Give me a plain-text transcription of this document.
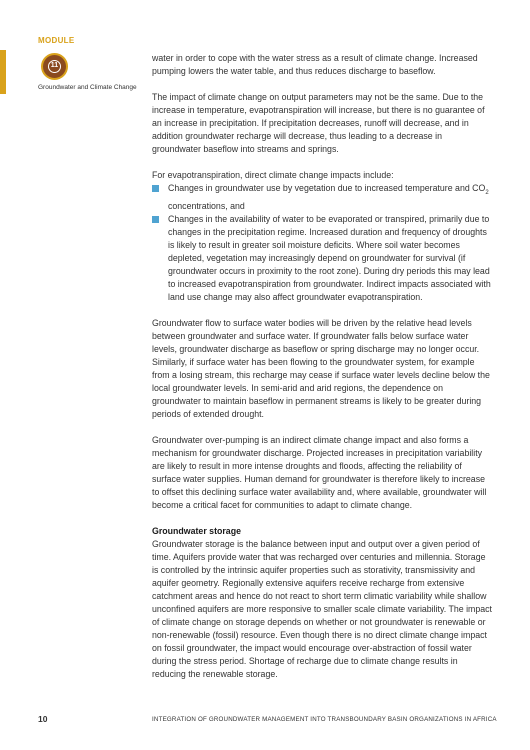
MODULE
11
Groundwater and Climate Change

water in order to cope with the water stress as a result of climate change. Increased pumping lowers the water table, and thus reduces discharge to baseflow.

The impact of climate change on output parameters may not be the same. Due to the increase in temperature, evapotranspiration will increase, but there is no guarantee of an increase in precipitation. If precipitation decreases, runoff will decrease, and in addition groundwater recharge will decrease, thus leading to a decrease in groundwater baseflow into streams and springs.

For evapotranspiration, direct climate change impacts include:

Changes in groundwater use by vegetation due to increased temperature and $CO_2$ concentrations, and
Changes in the availability of water to be evaporated or transpired, primarily due to changes in the precipitation regime. Increased duration and frequency of droughts is likely to result in greater soil moisture deficits. Where soil water becomes depleted, vegetation may increasingly depend on groundwater for survival (if groundwater occurs in proximity to the root zone). During dry periods this may lead to increased evapotranspiration from groundwater. Indirect impacts associated with land use change may also affect groundwater evapotranspiration.

Groundwater flow to surface water bodies will be driven by the relative head levels between groundwater and surface water. If groundwater falls below surface water levels, groundwater discharge as baseflow or spring discharge may no longer occur. Similarly, if surface water has been flowing to the groundwater system, for example from a losing stream, this recharge may cease if surface water levels decline below the local groundwater levels. In semi-arid and arid regions, the dependence on groundwater to maintain baseflow in permanent streams is likely to be greater during periods of extended drought.

Groundwater over-pumping is an indirect climate change impact and also forms a mechanism for groundwater discharge. Projected increases in precipitation variability are likely to result in more intense droughts and floods, affecting the reliability of surface water supplies. Human demand for groundwater is therefore likely to increase to offset this declining surface water availability and, where available, groundwater will become a critical facet for communities to adapt to climate change.

Groundwater storage

Groundwater storage is the balance between input and output over a given period of time. Aquifers provide water that was recharged over centuries and millennia. Storage is controlled by the intrinsic aquifer properties such as storativity, transmissivity and aquifer geometry. Regionally extensive aquifers receive recharge from extensive catchment areas and hence do not react to short term climatic variability while shallow unconfined aquifers are more responsive to smaller scale climate variability. The impact of climate change on storage depends on whether or not groundwater is renewable or non-renewable (fossil) resource. Even though there is no direct climate change impact on fossil groundwater, the impact would encourage over-abstraction of fossil water during the stress period. Shortage of recharge due to climate change results in reducing the renewable storage.

10	INTEGRATION OF GROUNDWATER MANAGEMENT INTO TRANSBOUNDARY BASIN ORGANIZATIONS IN AFRICA
